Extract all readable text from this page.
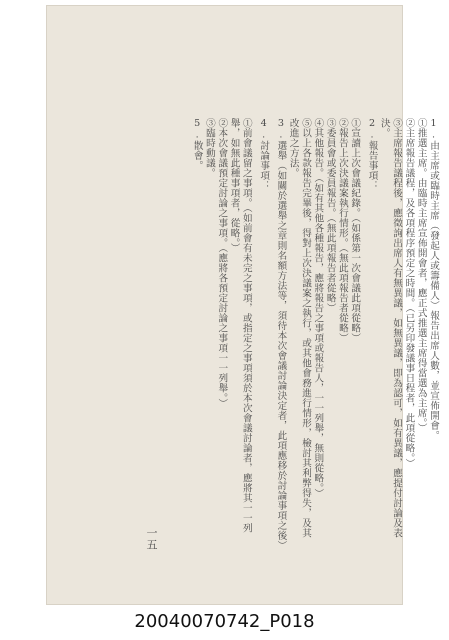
1.由主席或臨時主席（發起人或籌備人）報告出席人數，並宣佈開會。

①推選主席。由臨時主席宣佈開會者，應正式推選主席得當選為主席。）

②主席報告議程，及各項程序預定之時間。（已另印發議事日程者，此項從略。）

③主席報告議程後，應徵詢出席人有無異議，如無異議，即為認可，如有異議，應提付討論及表

決。

2.報告事項：

①宣讀上次會議紀錄。（如係第一次會議此項從略）

②報告上次決議案執行情形。（無此項報告者從略）

③委員會或委員報告。（無此項報告者從略）

④其他報告。（如有其他各種報告，應將報告之事項或報告人，一一列舉，無則從略。）

⑤以上各款報告完畢後，得對上次決議案之執行，或其他會務進行情形，檢討其利弊得失，及其

改進之方法。

3.選舉（如關於選舉之章則名額方法等，須待本次會議討論決定者，此項應移於討論事項之後）

4.討論事項：

①前會議留之事項。（如前會有未完之事項，或指定之事項須於本次會議討論者，應將其一一列

舉，如無此種事項者，從略。）

②本次會議預定討論之事項。（應將各預定討論之事項一一列舉。）

③臨時動議。

5.散會。

一五
20040070742_P018
